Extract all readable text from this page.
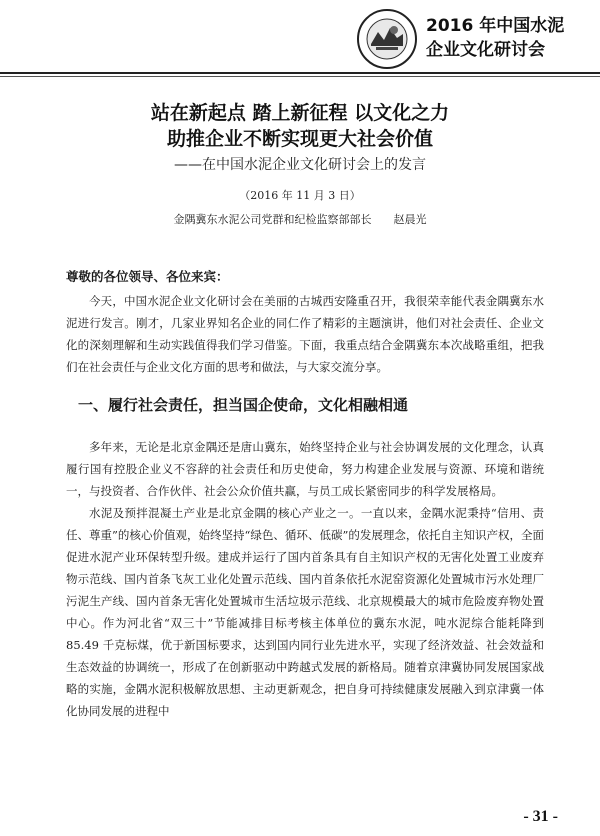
2016 年中国水泥
企业文化研讨会
站在新起点 踏上新征程 以文化之力
助推企业不断实现更大社会价值
——在中国水泥企业文化研讨会上的发言
（2016 年 11 月 3 日）
金隅冀东水泥公司党群和纪检监察部部长 赵晨光
尊敬的各位领导、各位来宾：

今天，中国水泥企业文化研讨会在美丽的古城西安隆重召开，我很荣幸能代表金隅冀东水泥进行发言。刚才，几家业界知名企业的同仁作了精彩的主题演讲，他们对社会责任、企业文化的深刻理解和生动实践值得我们学习借鉴。下面，我重点结合金隅冀东本次战略重组，把我们在社会责任与企业文化方面的思考和做法，与大家交流分享。

一、履行社会责任，担当国企使命，文化相融相通

多年来，无论是北京金隅还是唐山冀东，始终坚持企业与社会协调发展的文化理念，认真履行国有控股企业义不容辞的社会责任和历史使命，努力构建企业发展与资源、环境和谐统一，与投资者、合作伙伴、社会公众价值共赢，与员工成长紧密同步的科学发展格局。

水泥及预拌混凝土产业是北京金隅的核心产业之一。一直以来，金隅水泥秉持“信用、责任、尊重”的核心价值观，始终坚持“绿色、循环、低碳”的发展理念，依托自主知识产权，全面促进水泥产业环保转型升级。建成并运行了国内首条具有自主知识产权的无害化处置工业废弃物示范线、国内首条飞灰工业化处置示范线、国内首条依托水泥窑资源化处置城市污水处理厂污泥生产线、国内首条无害化处置城市生活垃圾示范线、北京规模最大的城市危险废弃物处置中心。作为河北省“双三十”节能减排目标考核主体单位的冀东水泥，吨水泥综合能耗降到 85.49 千克标煤，优于新国标要求，达到国内同行业先进水平，实现了经济效益、社会效益和生态效益的协调统一，形成了在创新驱动中跨越式发展的新格局。随着京津冀协同发展国家战略的实施，金隅水泥积极解放思想、主动更新观念，把自身可持续健康发展融入到京津冀一体化协同发展的进程中

- 31 -
